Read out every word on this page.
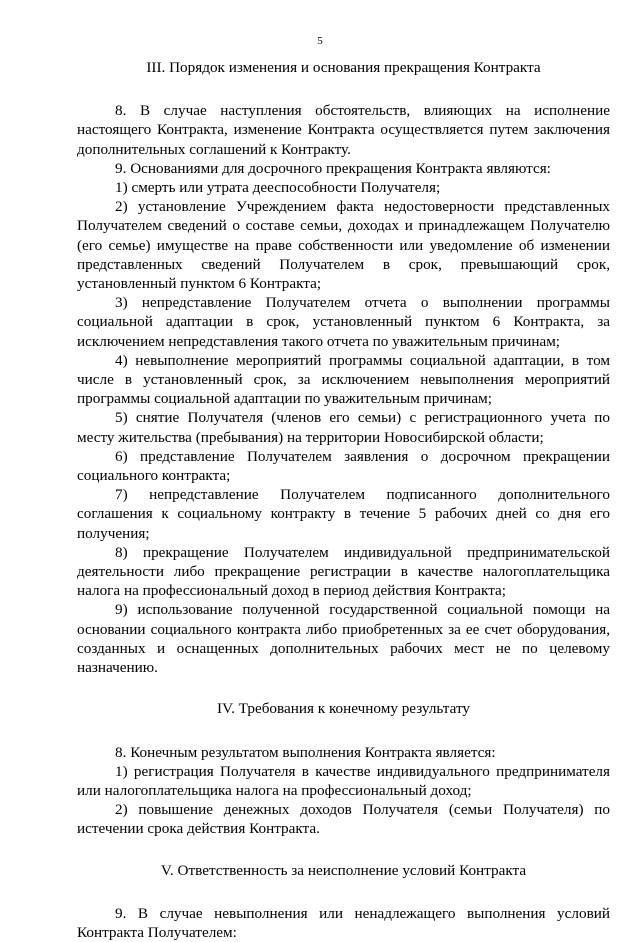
5
III. Порядок изменения и основания прекращения Контракта

8. В случае наступления обстоятельств, влияющих на исполнение настоящего Контракта, изменение Контракта осуществляется путем заключения дополнительных соглашений к Контракту.

9. Основаниями для досрочного прекращения Контракта являются:

1) смерть или утрата дееспособности Получателя;

2) установление Учреждением факта недостоверности представленных Получателем сведений о составе семьи, доходах и принадлежащем Получателю (его семье) имуществе на праве собственности или уведомление об изменении представленных сведений Получателем в срок, превышающий срок, установленный пунктом 6 Контракта;

3) непредставление Получателем отчета о выполнении программы социальной адаптации в срок, установленный пунктом 6 Контракта, за исключением непредставления такого отчета по уважительным причинам;

4) невыполнение мероприятий программы социальной адаптации, в том числе в установленный срок, за исключением невыполнения мероприятий программы социальной адаптации по уважительным причинам;

5) снятие Получателя (членов его семьи) с регистрационного учета по месту жительства (пребывания) на территории Новосибирской области;

6) представление Получателем заявления о досрочном прекращении социального контракта;

7) непредставление Получателем подписанного дополнительного соглашения к социальному контракту в течение 5 рабочих дней со дня его получения;

8) прекращение Получателем индивидуальной предпринимательской деятельности либо прекращение регистрации в качестве налогоплательщика налога на профессиональный доход в период действия Контракта;

9) использование полученной государственной социальной помощи на основании социального контракта либо приобретенных за ее счет оборудования, созданных и оснащенных дополнительных рабочих мест не по целевому назначению.

IV. Требования к конечному результату

8. Конечным результатом выполнения Контракта является:

1) регистрация Получателя в качестве индивидуального предпринимателя или налогоплательщика налога на профессиональный доход;

2) повышение денежных доходов Получателя (семьи Получателя) по истечении срока действия Контракта.

V. Ответственность за неисполнение условий Контракта

9. В случае невыполнения или ненадлежащего выполнения условий Контракта Получателем:
